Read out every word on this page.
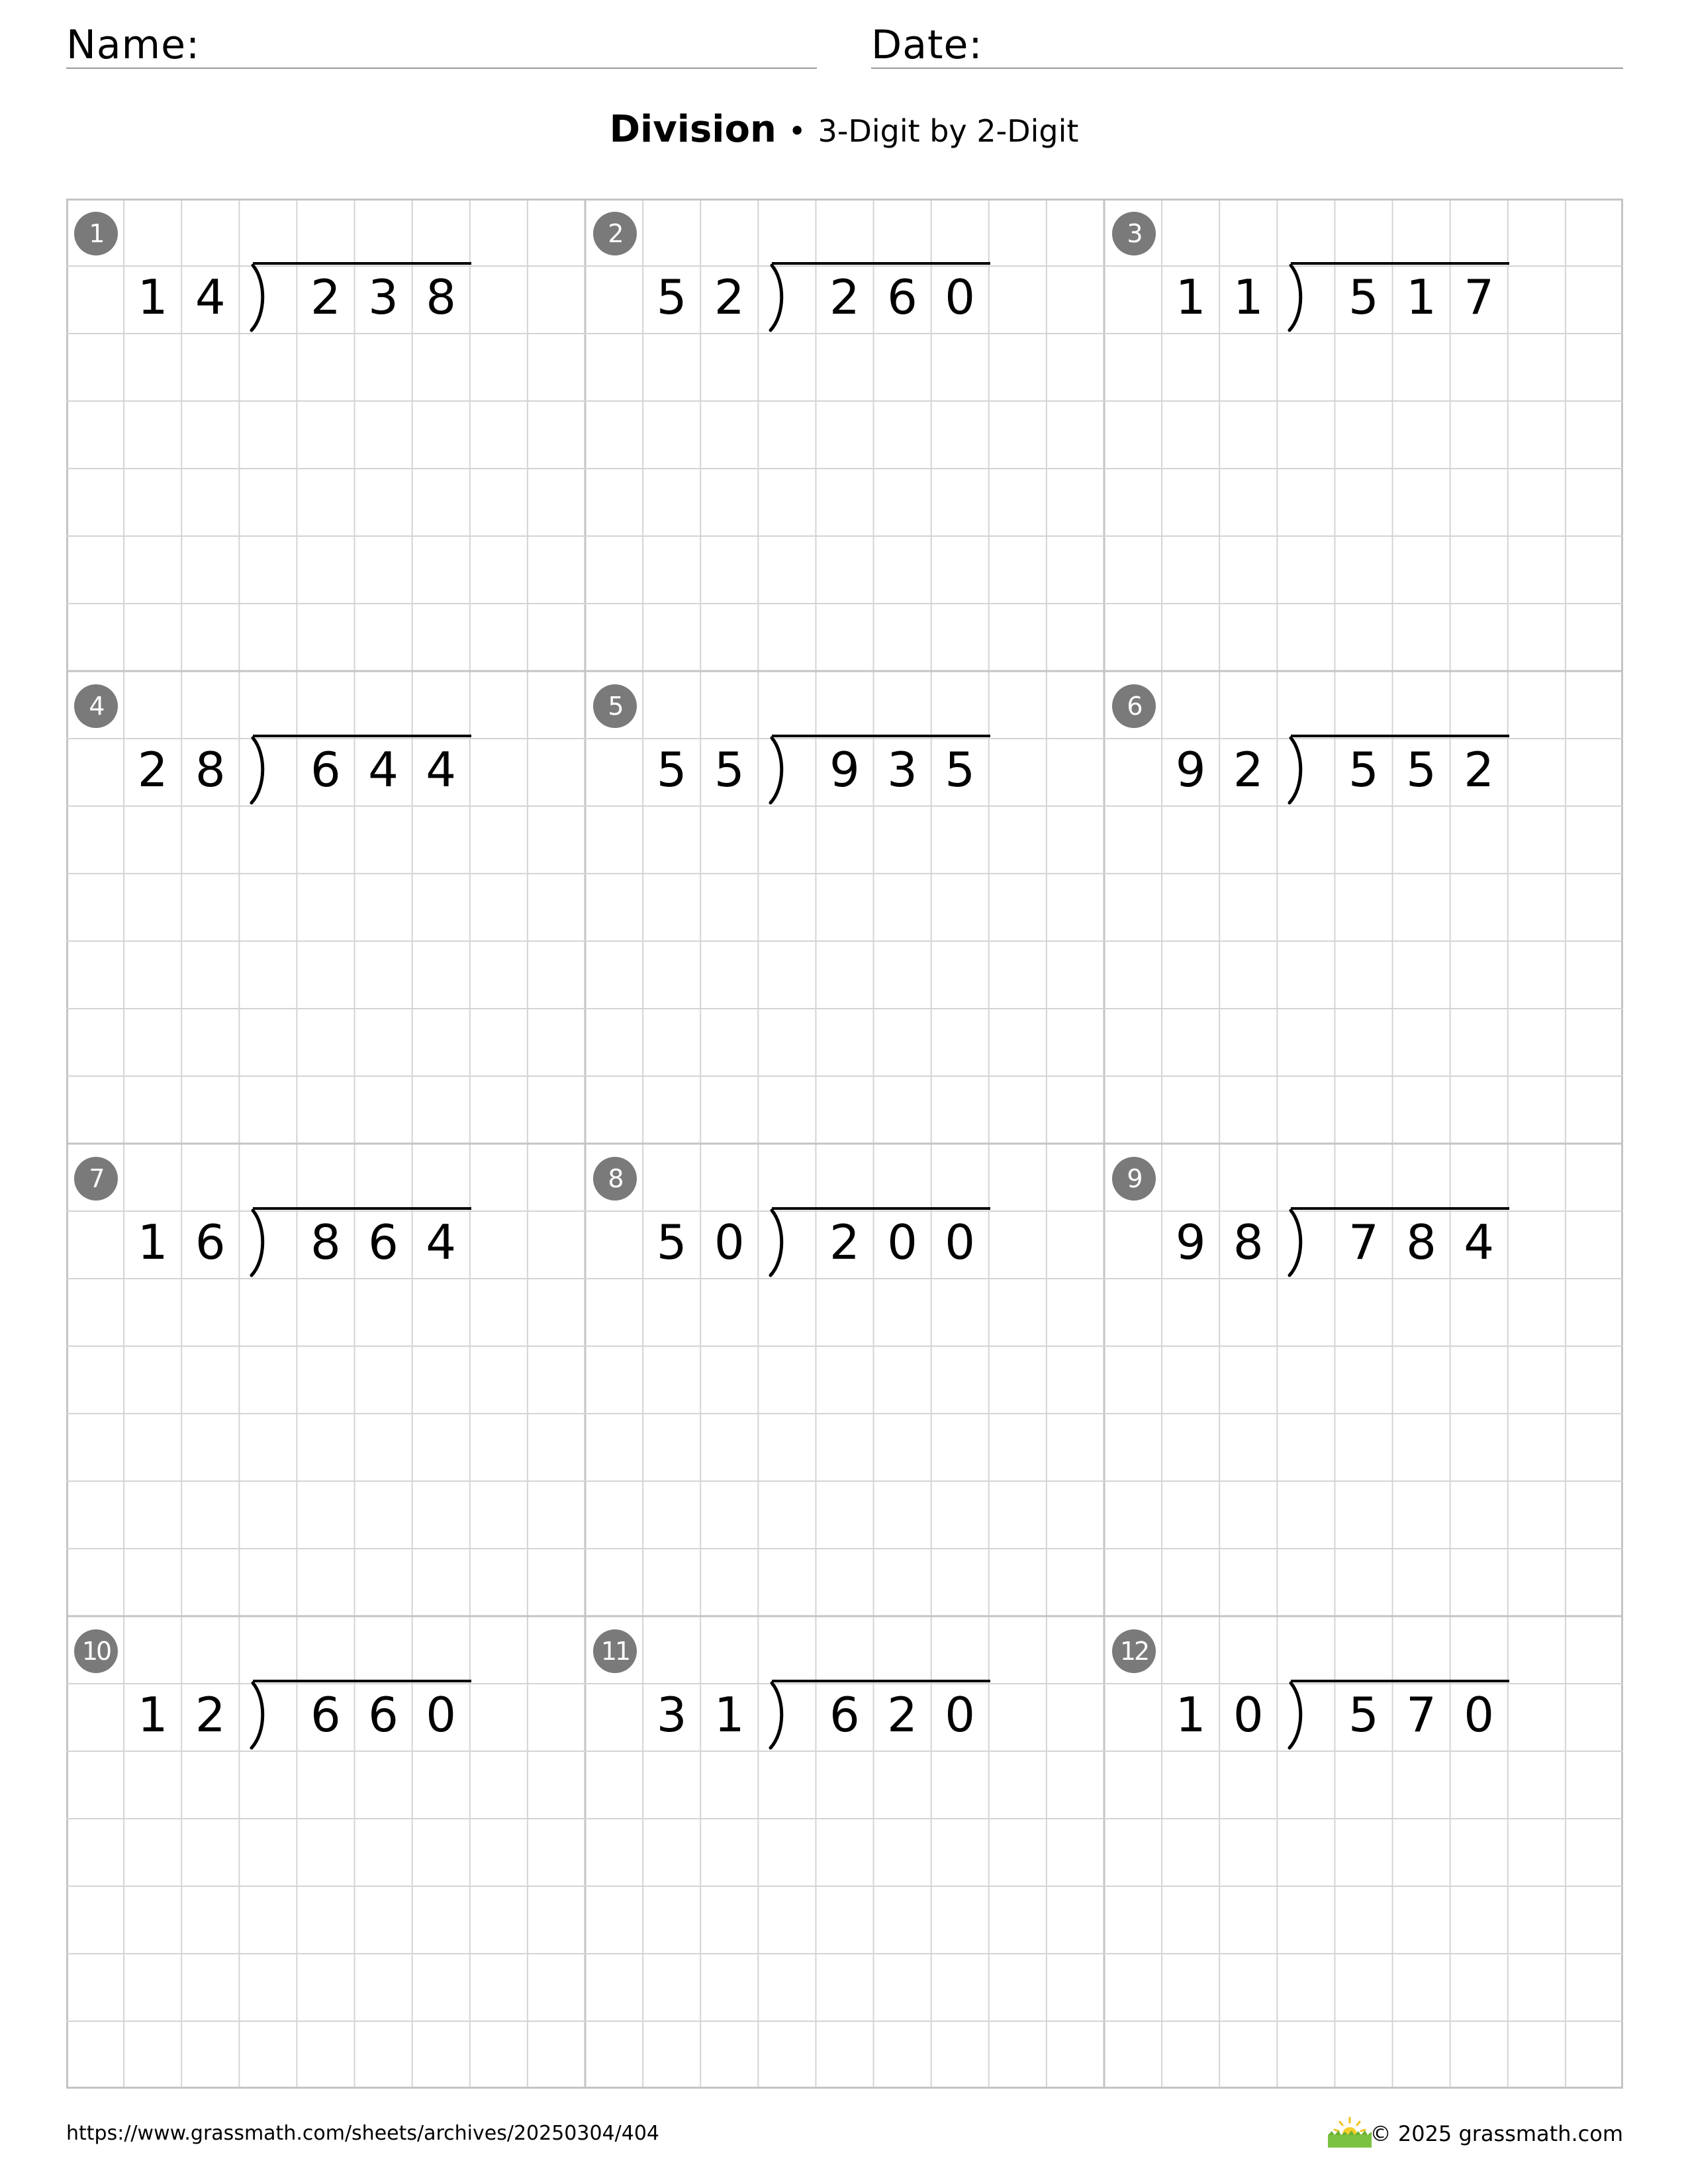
Name:	Date:
Division • 3-Digit by 2-Digit
1
1 4 2 3 8
2
5 2 2 6 0
3
1 1 5 1 7
4
2 8 6 4 4
5
5 5 9 3 5
6
9 2 5 5 2
7
1 6 8 6 4
8
5 0 2 0 0
9
9 8 7 8 4
10
1 2 6 6 0
11
3 1 6 2 0
12
1 0 5 7 0
https://www.grassmath.com/sheets/archives/20250304/404	© 2025 grassmath.com
